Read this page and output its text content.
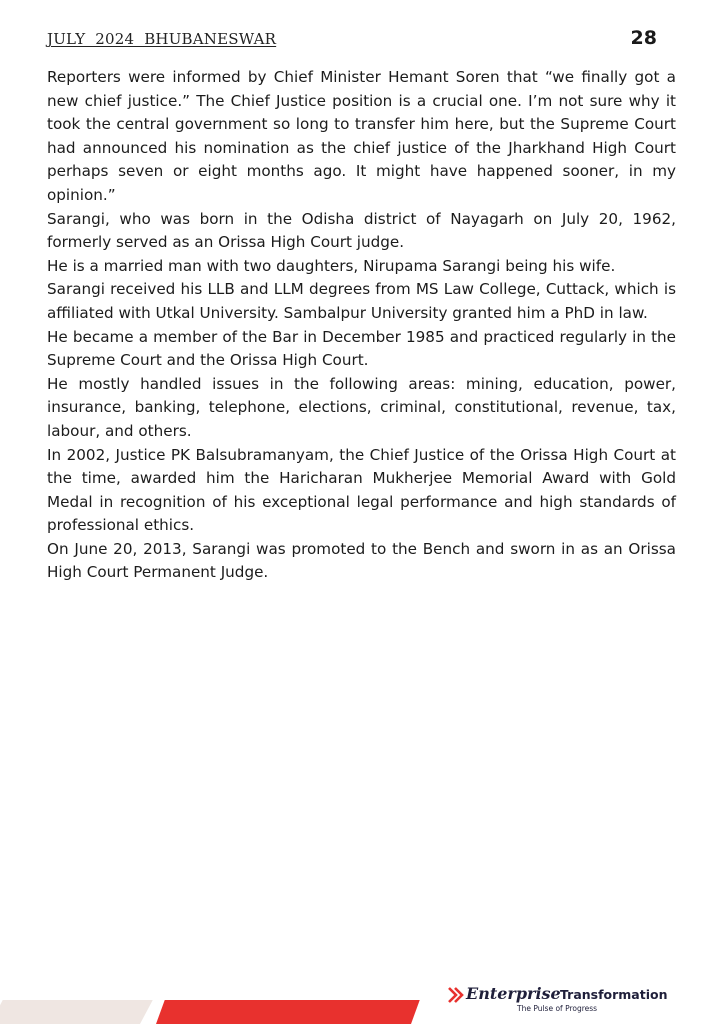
JULY  2024  BHUBANESWAR	28

Reporters were informed by Chief Minister Hemant Soren that “we finally got a new chief justice.” The Chief Justice position is a crucial one. I’m not sure why it took the central government so long to transfer him here, but the Supreme Court had announced his nomination as the chief justice of the Jharkhand High Court perhaps seven or eight months ago. It might have happened sooner, in my opinion.”

Sarangi, who was born in the Odisha district of Nayagarh on July 20, 1962, formerly served as an Orissa High Court judge.

He is a married man with two daughters, Nirupama Sarangi being his wife.

Sarangi received his LLB and LLM degrees from MS Law College, Cuttack, which is affiliated with Utkal University. Sambalpur University granted him a PhD in law.

He became a member of the Bar in December 1985 and practiced regularly in the Supreme Court and the Orissa High Court.

He mostly handled issues in the following areas: mining, education, power, insurance, banking, telephone, elections, criminal, constitutional, revenue, tax, labour, and others.

In 2002, Justice PK Balsubramanyam, the Chief Justice of the Orissa High Court at the time, awarded him the Haricharan Mukherjee Memorial Award with Gold Medal in recognition of his exceptional legal performance and high standards of professional ethics.

On June 20, 2013, Sarangi was promoted to the Bench and sworn in as an Orissa High Court Permanent Judge.

Enterprise Transformation
The Pulse of Progress
